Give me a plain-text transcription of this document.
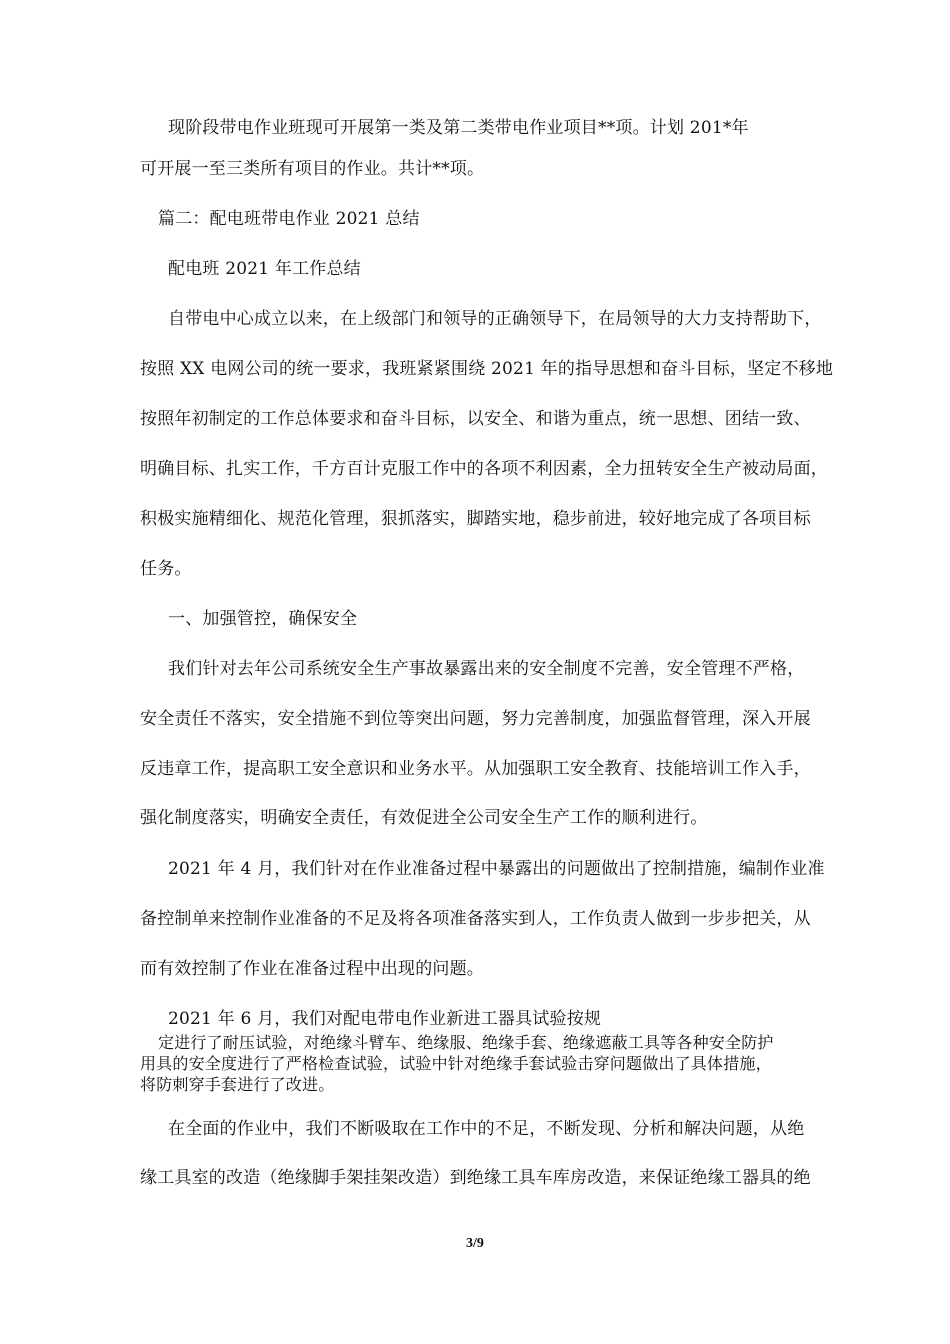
现阶段带电作业班现可开展第一类及第二类带电作业项目**项。计划 201*年
可开展一至三类所有项目的作业。共计**项。
篇二：配电班带电作业 2021 总结
配电班 2021 年工作总结
自带电中心成立以来，在上级部门和领导的正确领导下，在局领导的大力支持帮助下，
按照 XX 电网公司的统一要求，我班紧紧围绕 2021 年的指导思想和奋斗目标，坚定不移地
按照年初制定的工作总体要求和奋斗目标，以安全、和谐为重点，统一思想、团结一致、
明确目标、扎实工作，千方百计克服工作中的各项不利因素，全力扭转安全生产被动局面，
积极实施精细化、规范化管理，狠抓落实，脚踏实地，稳步前进，较好地完成了各项目标
任务。
一、加强管控，确保安全
我们针对去年公司系统安全生产事故暴露出来的安全制度不完善，安全管理不严格，
安全责任不落实，安全措施不到位等突出问题，努力完善制度，加强监督管理，深入开展
反违章工作，提高职工安全意识和业务水平。从加强职工安全教育、技能培训工作入手，
强化制度落实，明确安全责任，有效促进全公司安全生产工作的顺利进行。
2021 年 4 月，我们针对在作业准备过程中暴露出的问题做出了控制措施，编制作业准
备控制单来控制作业准备的不足及将各项准备落实到人，工作负责人做到一步步把关，从
而有效控制了作业在准备过程中出现的问题。
2021 年 6 月，我们对配电带电作业新进工器具试验按规
定进行了耐压试验，对绝缘斗臂车、绝缘服、绝缘手套、绝缘遮蔽工具等各种安全防护
用具的安全度进行了严格检查试验，试验中针对绝缘手套试验击穿问题做出了具体措施，
将防刺穿手套进行了改进。
在全面的作业中，我们不断吸取在工作中的不足，不断发现、分析和解决问题，从绝
缘工具室的改造（绝缘脚手架挂架改造）到绝缘工具车库房改造，来保证绝缘工器具的绝
3/9
